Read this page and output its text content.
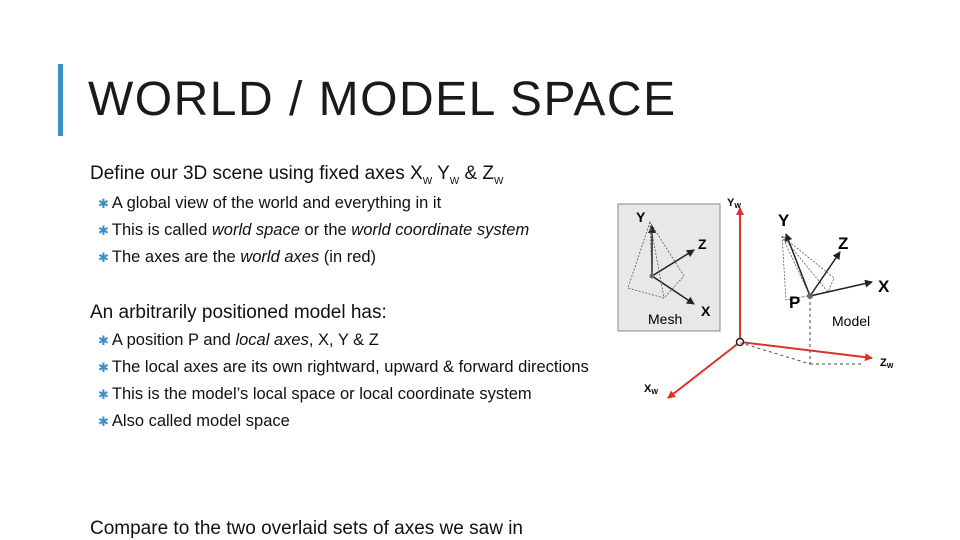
WORLD / MODEL SPACE

Define our 3D scene using fixed axes $X_W$ $Y_W$ & $Z_W$

✱ A global view of the world and everything in it
✱ This is called world space or the world coordinate system
✱ The axes are the world axes (in red)

An arbitrarily positioned model has:

✱ A position P and local axes, X, Y & Z
✱ The local axes are its own rightward, upward & forward directions
✱ This is the model’s local space or local coordinate system
✱ Also called model space
Compare to the two overlaid sets of axes we saw in
Y
Z
X
Mesh
YW
ZW
XW
Y
Z
X
P
Model
O
